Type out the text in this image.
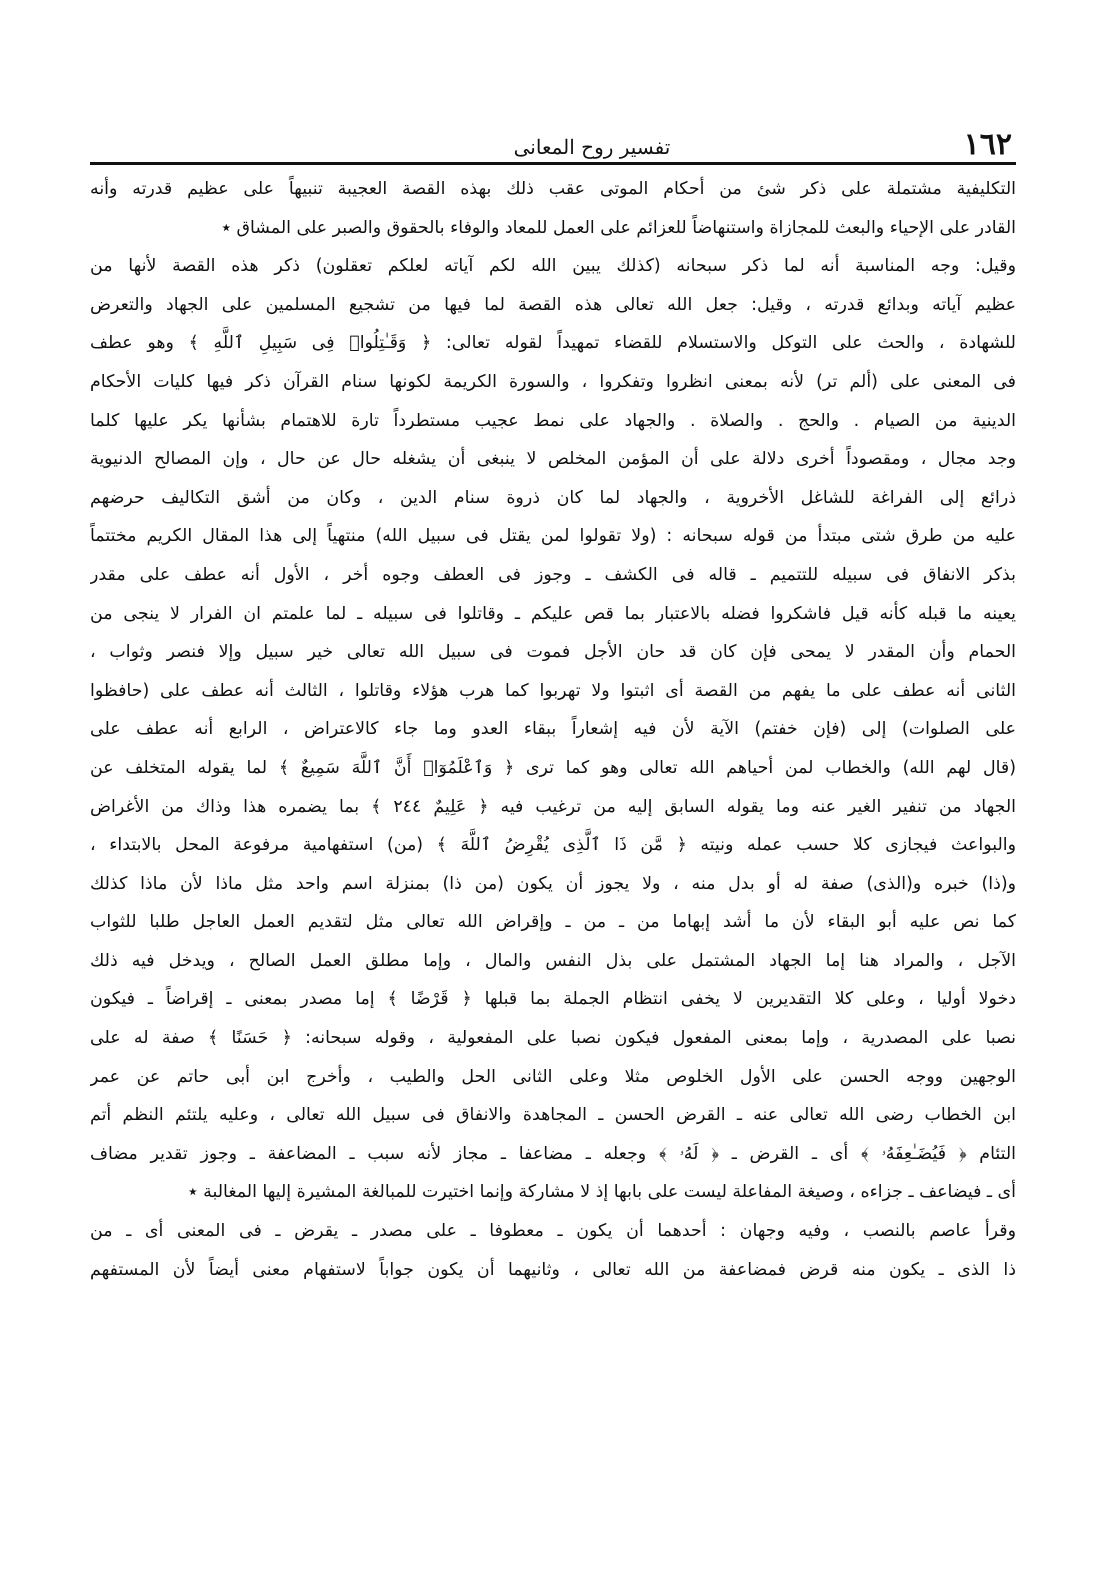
١٦٢
تفسير روح المعانى
التكليفية مشتملة على ذكر شئ من أحكام الموتى عقب ذلك بهذه القصة العجيبة تنبيهاً على عظيم قدرته وأنه
القادر على الإحياء والبعث للمجازاة واستنهاضاً للعزائم على العمل للمعاد والوفاء بالحقوق والصبر على المشاق ٭
وقيل: وجه المناسبة أنه لما ذكر سبحانه (كذلك يبين الله لكم آياته لعلكم تعقلون) ذكر هذه القصة لأنها من
عظيم آياته وبدائع قدرته ، وقيل: جعل الله تعالى هذه القصة لما فيها من تشجيع المسلمين على الجهاد والتعرض
للشهادة ، والحث على التوكل والاستسلام للقضاء تمهيداً لقوله تعالى: ﴿ وَقَـٰتِلُوا۟ فِى سَبِيلِ ٱللَّهِ ﴾ وهو عطف
فى المعنى على (ألم تر) لأنه بمعنى انظروا وتفكروا ، والسورة الكريمة لكونها سنام القرآن ذكر فيها كليات الأحكام
الدينية من الصيام . والحج . والصلاة . والجهاد على نمط عجيب مستطرداً تارة للاهتمام بشأنها يكر عليها كلما
وجد مجال ، ومقصوداً أخرى دلالة على أن المؤمن المخلص لا ينبغى أن يشغله حال عن حال ، وإن المصالح الدنيوية
ذرائع إلى الفراغة للشاغل الأخروية ، والجهاد لما كان ذروة سنام الدين ، وكان من أشق التكاليف حرضهم
عليه من طرق شتى مبتدأ من قوله سبحانه : (ولا تقولوا لمن يقتل فى سبيل الله) منتهياً إلى هذا المقال الكريم مختتماً
بذكر الانفاق فى سبيله للتتميم ـ قاله فى الكشف ـ وجوز فى العطف وجوه أخر ، الأول أنه عطف على مقدر
يعينه ما قبله كأنه قيل فاشكروا فضله بالاعتبار بما قص عليكم ـ وقاتلوا فى سبيله ـ لما علمتم ان الفرار لا ينجى من
الحمام وأن المقدر لا يمحى فإن كان قد حان الأجل فموت فى سبيل الله تعالى خير سبيل وإلا فنصر وثواب ،
الثانى أنه عطف على ما يفهم من القصة أى اثبتوا ولا تهربوا كما هرب هؤلاء وقاتلوا ، الثالث أنه عطف على (حافظوا
على الصلوات) إلى (فإن خفتم) الآية لأن فيه إشعاراً ببقاء العدو وما جاء كالاعتراض ، الرابع أنه عطف على
(قال لهم الله) والخطاب لمن أحياهم الله تعالى وهو كما ترى ﴿ وَٱعْلَمُوٓا۟ أَنَّ ٱللَّهَ سَمِيعٌ ﴾ لما يقوله المتخلف عن
الجهاد من تنفير الغير عنه وما يقوله السابق إليه من ترغيب فيه ﴿ عَلِيمٌ ٢٤٤ ﴾ بما يضمره هذا وذاك من الأغراض
والبواعث فيجازى كلا حسب عمله ونيته ﴿ مَّن ذَا ٱلَّذِى يُقْرِضُ ٱللَّهَ ﴾ (من) استفهامية مرفوعة المحل بالابتداء ،
و(ذا) خبره و(الذى) صفة له أو بدل منه ، ولا يجوز أن يكون (من ذا) بمنزلة اسم واحد مثل ماذا لأن ماذا كذلك
كما نص عليه أبو البقاء لأن ما أشد إبهاما من ـ من ـ وإقراض الله تعالى مثل لتقديم العمل العاجل طلبا للثواب
الآجل ، والمراد هنا إما الجهاد المشتمل على بذل النفس والمال ، وإما مطلق العمل الصالح ، ويدخل فيه ذلك
دخولا أوليا ، وعلى كلا التقديرين لا يخفى انتظام الجملة بما قبلها ﴿ قَرْضًا ﴾ إما مصدر بمعنى ـ إقراضاً ـ فيكون
نصبا على المصدرية ، وإما بمعنى المفعول فيكون نصبا على المفعولية ، وقوله سبحانه: ﴿ حَسَنًا ﴾ صفة له على
الوجهين ووجه الحسن على الأول الخلوص مثلا وعلى الثانى الحل والطيب ، وأخرج ابن أبى حاتم عن عمر
ابن الخطاب رضى الله تعالى عنه ـ القرض الحسن ـ المجاهدة والانفاق فى سبيل الله تعالى ، وعليه يلتئم النظم أتم
التئام ﴿ فَيُضَـٰعِفَهُۥ ﴾ أى ـ القرض ـ ﴿ لَهُۥ ﴾ وجعله ـ مضاعفا ـ مجاز لأنه سبب ـ المضاعفة ـ وجوز تقدير مضاف
أى ـ فيضاعف ـ جزاءه ، وصيغة المفاعلة ليست على بابها إذ لا مشاركة وإنما اختيرت للمبالغة المشيرة إليها المغالبة ٭
وقرأ عاصم بالنصب ، وفيه وجهان : أحدهما أن يكون ـ معطوفا ـ على مصدر ـ يقرض ـ فى المعنى أى ـ من
ذا الذى ـ يكون منه قرض فمضاعفة من الله تعالى ، وثانيهما أن يكون جواباً لاستفهام معنى أيضاً لأن المستفهم
